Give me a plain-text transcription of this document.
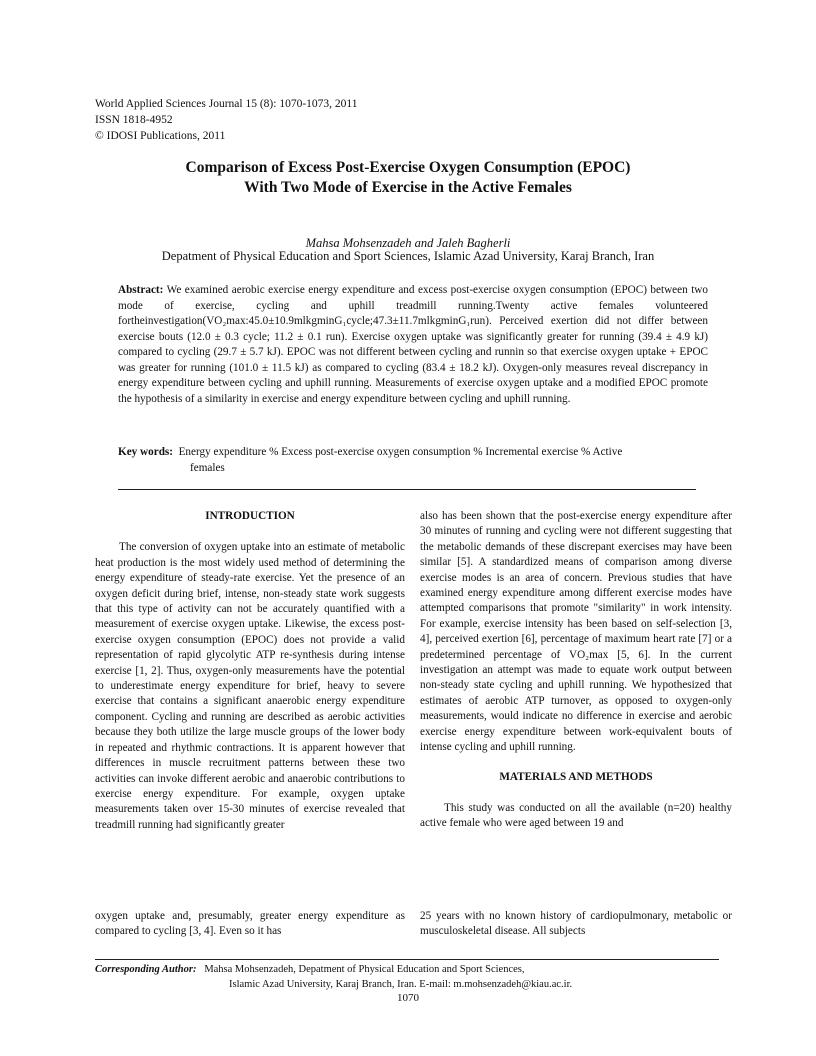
World Applied Sciences Journal 15 (8): 1070-1073, 2011
ISSN 1818-4952
© IDOSI Publications, 2011
Comparison of Excess Post-Exercise Oxygen Consumption (EPOC)
With Two Mode of Exercise in the Active Females
Mahsa Mohsenzadeh and Jaleh Bagherli
Depatment of Physical Education and Sport Sciences, Islamic Azad University, Karaj Branch, Iran
Abstract: We examined aerobic exercise energy expenditure and excess post-exercise oxygen consumption (EPOC) between two mode of exercise, cycling and uphill treadmill running.Twenty active females volunteered fortheinvestigation(VO₂max:45.0±10.9mlkgminG₁cycle;47.3±11.7mlkgminG₁run). Perceived exertion did not differ between exercise bouts (12.0 ± 0.3 cycle; 11.2 ± 0.1 run). Exercise oxygen uptake was significantly greater for running (39.4 ± 4.9 kJ) compared to cycling (29.7 ± 5.7 kJ). EPOC was not different between cycling and runnin so that exercise oxygen uptake + EPOC was greater for running (101.0 ± 11.5 kJ) as compared to cycling (83.4 ± 18.2 kJ). Oxygen-only measures reveal discrepancy in energy expenditure between cycling and uphill running. Measurements of exercise oxygen uptake and a modified EPOC promote the hypothesis of a similarity in exercise and energy expenditure between cycling and uphill running.
Key words: Energy expenditure % Excess post-exercise oxygen consumption % Incremental exercise % Active
females
INTRODUCTION

The conversion of oxygen uptake into an estimate of metabolic heat production is the most widely used method of determining the energy expenditure of steady-rate exercise. Yet the presence of an oxygen deficit during brief, intense, non-steady state work suggests that this type of activity can not be accurately quantified with a measurement of exercise oxygen uptake. Likewise, the excess post-exercise oxygen consumption (EPOC) does not provide a valid representation of rapid glycolytic ATP re-synthesis during intense exercise [1, 2]. Thus, oxygen-only measurements have the potential to underestimate energy expenditure for brief, heavy to severe exercise that contains a significant anaerobic energy expenditure component. Cycling and running are described as aerobic activities because they both utilize the large muscle groups of the lower body in repeated and rhythmic contractions. It is apparent however that differences in muscle recruitment patterns between these two activities can invoke different aerobic and anaerobic contributions to exercise energy expenditure. For example, oxygen uptake measurements taken over 15-30 minutes of exercise revealed that treadmill running had significantly greater

also has been shown that the post-exercise energy expenditure after 30 minutes of running and cycling were not different suggesting that the metabolic demands of these discrepant exercises may have been similar [5]. A standardized means of comparison among diverse exercise modes is an area of concern. Previous studies that have examined energy expenditure among different exercise modes have attempted comparisons that promote "similarity" in work intensity. For example, exercise intensity has been based on self-selection [3, 4], perceived exertion [6], percentage of maximum heart rate [7] or a predetermined percentage of VO₂max [5, 6]. In the current investigation an attempt was made to equate work output between non-steady state cycling and uphill running. We hypothesized that estimates of aerobic ATP turnover, as opposed to oxygen-only measurements, would indicate no difference in exercise and aerobic exercise energy expenditure between work-equivalent bouts of intense cycling and uphill running.

MATERIALS AND METHODS

This study was conducted on all the available (n=20) healthy active female who were aged between 19 and

oxygen uptake and, presumably, greater energy expenditure as compared to cycling [3, 4]. Even so it has
25 years with no known history of cardiopulmonary, metabolic or musculoskeletal disease. All subjects
Corresponding Author: Mahsa Mohsenzadeh, Depatment of Physical Education and Sport Sciences,
Islamic Azad University, Karaj Branch, Iran. E-mail: m.mohsenzadeh@kiau.ac.ir.
1070
